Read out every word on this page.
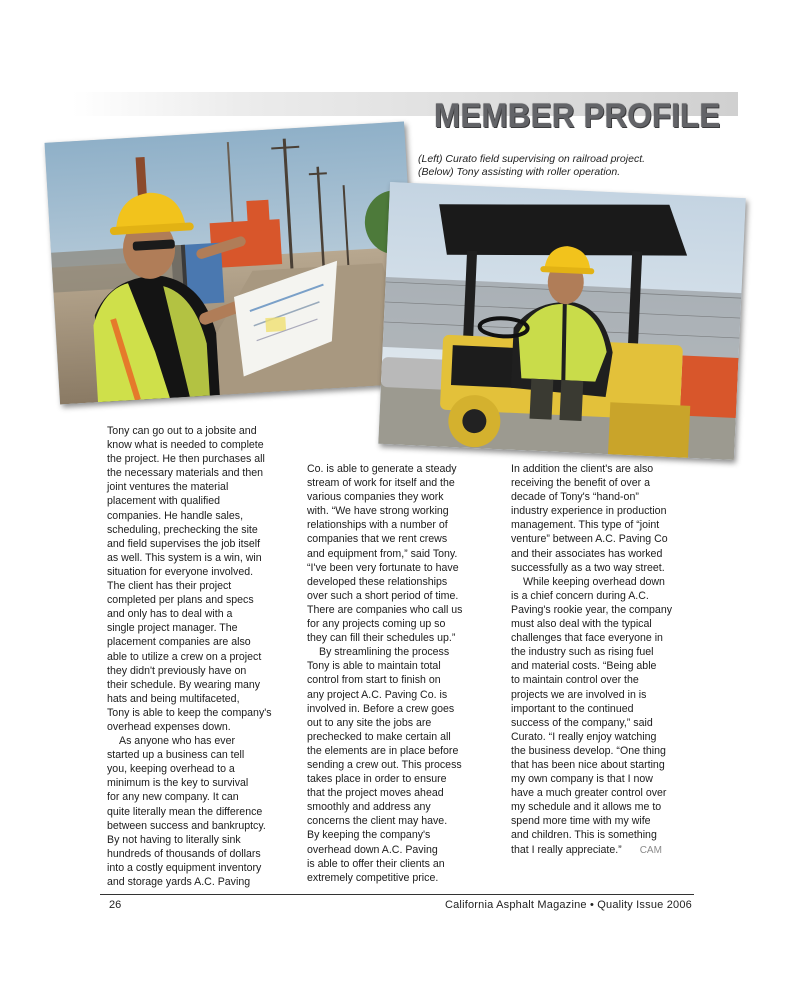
MEMBER PROFILE
(Left) Curato field supervising on railroad project.
(Below) Tony assisting with roller operation.
Tony can go out to a jobsite and
know what is needed to complete
the project. He then purchases all
the necessary materials and then
joint ventures the material
placement with qualified
companies. He handle sales,
scheduling, prechecking the site
and field supervises the job itself
as well. This system is a win, win
situation for everyone involved.
The client has their project
completed per plans and specs
and only has to deal with a
single project manager. The
placement companies are also
able to utilize a crew on a project
they didn't previously have on
their schedule. By wearing many
hats and being multifaceted,
Tony is able to keep the company's
overhead expenses down.
As anyone who has ever
started up a business can tell
you, keeping overhead to a
minimum is the key to survival
for any new company. It can
quite literally mean the difference
between success and bankruptcy.
By not having to literally sink
hundreds of thousands of dollars
into a costly equipment inventory
and storage yards A.C. Paving
Co. is able to generate a steady
stream of work for itself and the
various companies they work
with. “We have strong working
relationships with a number of
companies that we rent crews
and equipment from,” said Tony.
“I've been very fortunate to have
developed these relationships
over such a short period of time.
There are companies who call us
for any projects coming up so
they can fill their schedules up.”
By streamlining the process
Tony is able to maintain total
control from start to finish on
any project A.C. Paving Co. is
involved in. Before a crew goes
out to any site the jobs are
prechecked to make certain all
the elements are in place before
sending a crew out. This process
takes place in order to ensure
that the project moves ahead
smoothly and address any
concerns the client may have.
By keeping the company's
overhead down A.C. Paving
is able to offer their clients an
extremely competitive price.
In addition the client's are also
receiving the benefit of over a
decade of Tony's “hand-on”
industry experience in production
management. This type of “joint
venture” between A.C. Paving Co
and their associates has worked
successfully as a two way street.
While keeping overhead down
is a chief concern during A.C.
Paving's rookie year, the company
must also deal with the typical
challenges that face everyone in
the industry such as rising fuel
and material costs. “Being able
to maintain control over the
projects we are involved in is
important to the continued
success of the company,” said
Curato. “I really enjoy watching
the business develop. “One thing
that has been nice about starting
my own company is that I now
have a much greater control over
my schedule and it allows me to
spend more time with my wife
and children. This is something
that I really appreciate.” CAM
26	California Asphalt Magazine • Quality Issue 2006
